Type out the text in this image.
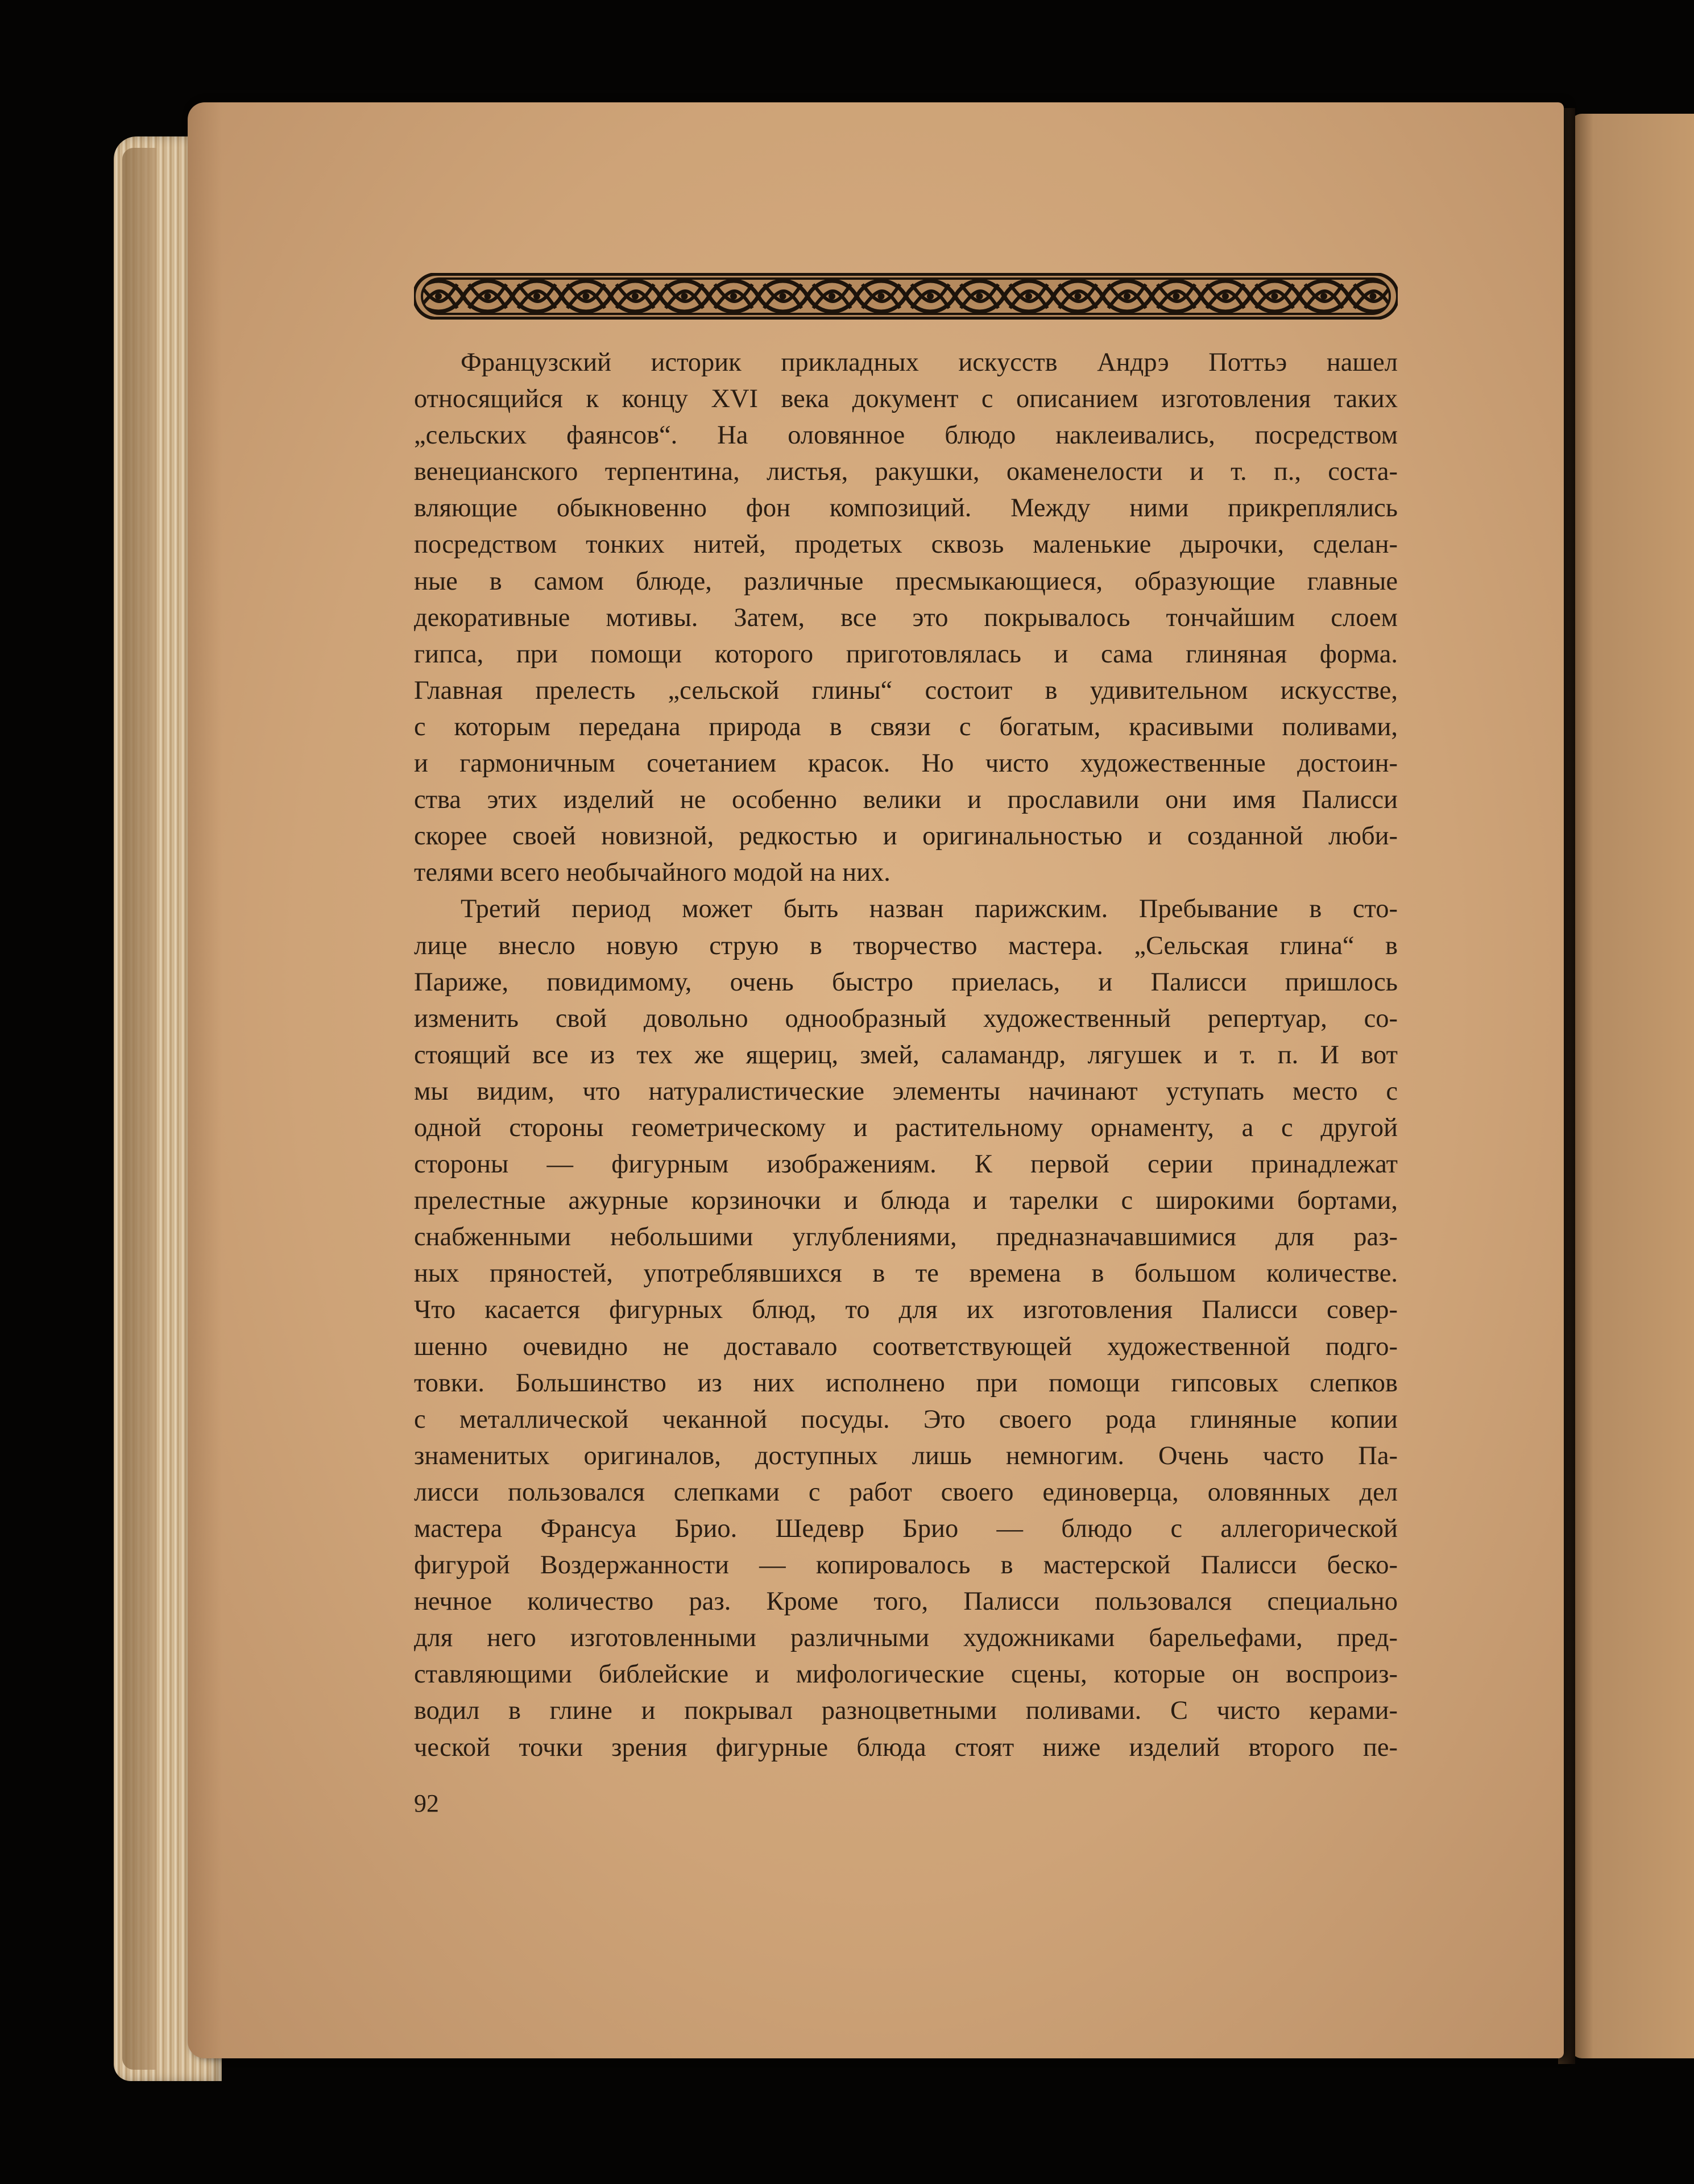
Французский историк прикладных искусств Андрэ Поттьэ нашел
относящийся к концу XVI века документ с описанием изготовления таких
„сельских фаянсов“. На оловянное блюдо наклеивались, посредством
венецианского терпентина, листья, ракушки, окаменелости и т. п., соста-
вляющие обыкновенно фон композиций. Между ними прикреплялись
посредством тонких нитей, продетых сквозь маленькие дырочки, сделан-
ные в самом блюде, различные пресмыкающиеся, образующие главные
декоративные мотивы. Затем, все это покрывалось тончайшим слоем
гипса, при помощи которого приготовлялась и сама глиняная форма.
Главная прелесть „сельской глины“ состоит в удивительном искусстве,
с которым передана природа в связи с богатым, красивыми поливами,
и гармоничным сочетанием красок. Но чисто художественные достоин-
ства этих изделий не особенно велики и прославили они имя Палисси
скорее своей новизной, редкостью и оригинальностью и созданной люби-
телями всего необычайного модой на них.
Третий период может быть назван парижским. Пребывание в сто-
лице внесло новую струю в творчество мастера. „Сельская глина“ в
Париже, повидимому, очень быстро приелась, и Палисси пришлось
изменить свой довольно однообразный художественный репертуар, со-
стоящий все из тех же ящериц, змей, саламандр, лягушек и т. п. И вот
мы видим, что натуралистические элементы начинают уступать место с
одной стороны геометрическому и растительному орнаменту, а с другой
стороны — фигурным изображениям. К первой серии принадлежат
прелестные ажурные корзиночки и блюда и тарелки с широкими бортами,
снабженными небольшими углублениями, предназначавшимися для раз-
ных пряностей, употреблявшихся в те времена в большом количестве.
Что касается фигурных блюд, то для их изготовления Палисси совер-
шенно очевидно не доставало соответствующей художественной подго-
товки. Большинство из них исполнено при помощи гипсовых слепков
с металлической чеканной посуды. Это своего рода глиняные копии
знаменитых оригиналов, доступных лишь немногим. Очень часто Па-
лисси пользовался слепками с работ своего единоверца, оловянных дел
мастера Франсуа Брио. Шедевр Брио — блюдо с аллегорической
фигурой Воздержанности — копировалось в мастерской Палисси беско-
нечное количество раз. Кроме того, Палисси пользовался специально
для него изготовленными различными художниками барельефами, пред-
ставляющими библейские и мифологические сцены, которые он воспроиз-
водил в глине и покрывал разноцветными поливами. С чисто керами-
ческой точки зрения фигурные блюда стоят ниже изделий второго пе-
92
